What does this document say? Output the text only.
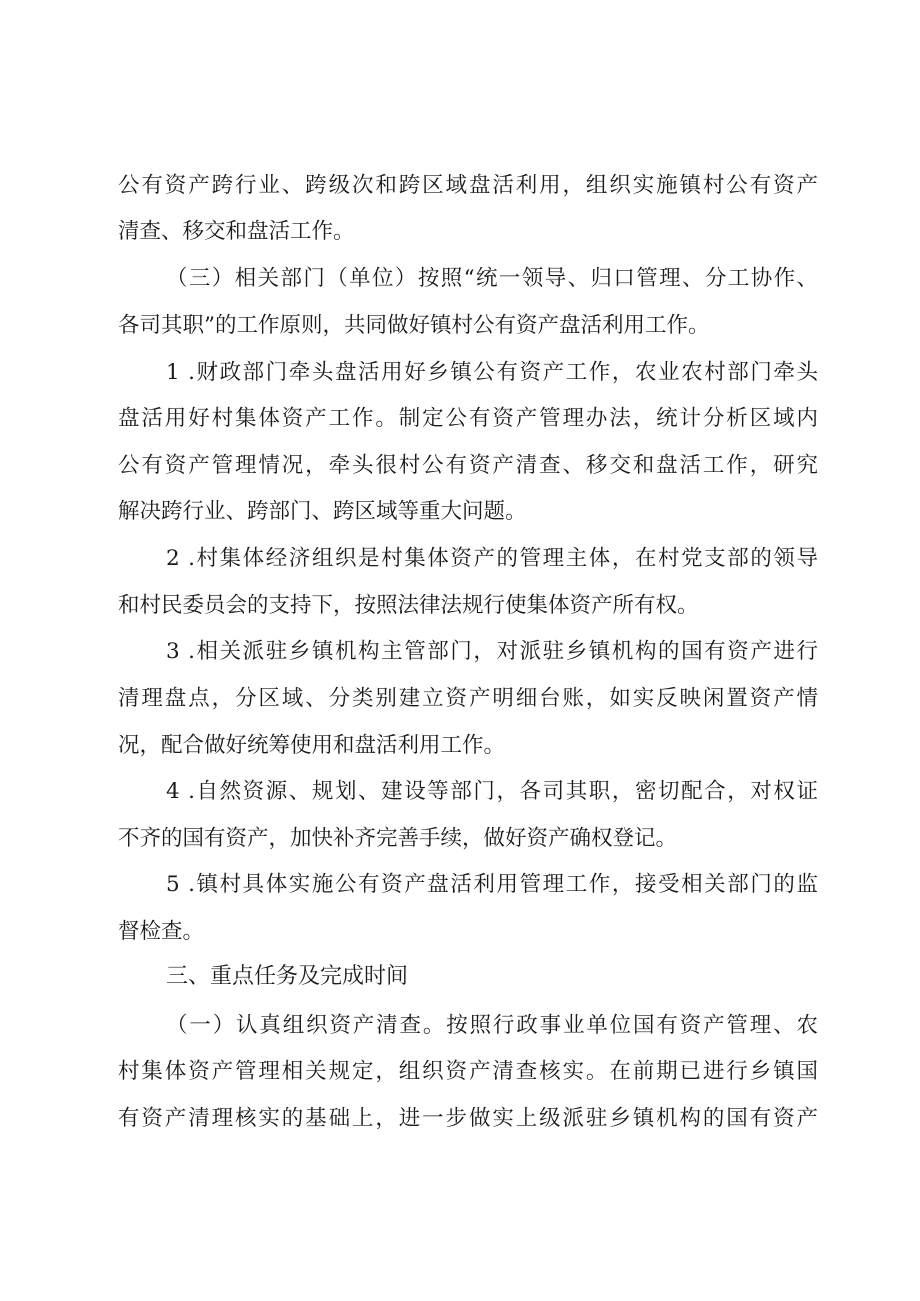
公有资产跨行业、跨级次和跨区域盘活利用，组织实施镇村公有资产
清查、移交和盘活工作。
（三）相关部门（单位）按照“统一领导、归口管理、分工协作、
各司其职”的工作原则，共同做好镇村公有资产盘活利用工作。
1 .财政部门牵头盘活用好乡镇公有资产工作，农业农村部门牵头
盘活用好村集体资产工作。制定公有资产管理办法，统计分析区域内
公有资产管理情况，牵头很村公有资产清查、移交和盘活工作，研究
解决跨行业、跨部门、跨区域等重大问题。
2 .村集体经济组织是村集体资产的管理主体，在村党支部的领导
和村民委员会的支持下，按照法律法规行使集体资产所有权。
3 .相关派驻乡镇机构主管部门，对派驻乡镇机构的国有资产进行
清理盘点，分区域、分类别建立资产明细台账，如实反映闲置资产情
况，配合做好统筹使用和盘活利用工作。
4 .自然资源、规划、建设等部门，各司其职，密切配合，对权证
不齐的国有资产，加快补齐完善手续，做好资产确权登记。
5 .镇村具体实施公有资产盘活利用管理工作，接受相关部门的监
督检查。
三、重点任务及完成时间
（一）认真组织资产清查。按照行政事业单位国有资产管理、农
村集体资产管理相关规定，组织资产清查核实。在前期已进行乡镇国
有资产清理核实的基础上，进一步做实上级派驻乡镇机构的国有资产
